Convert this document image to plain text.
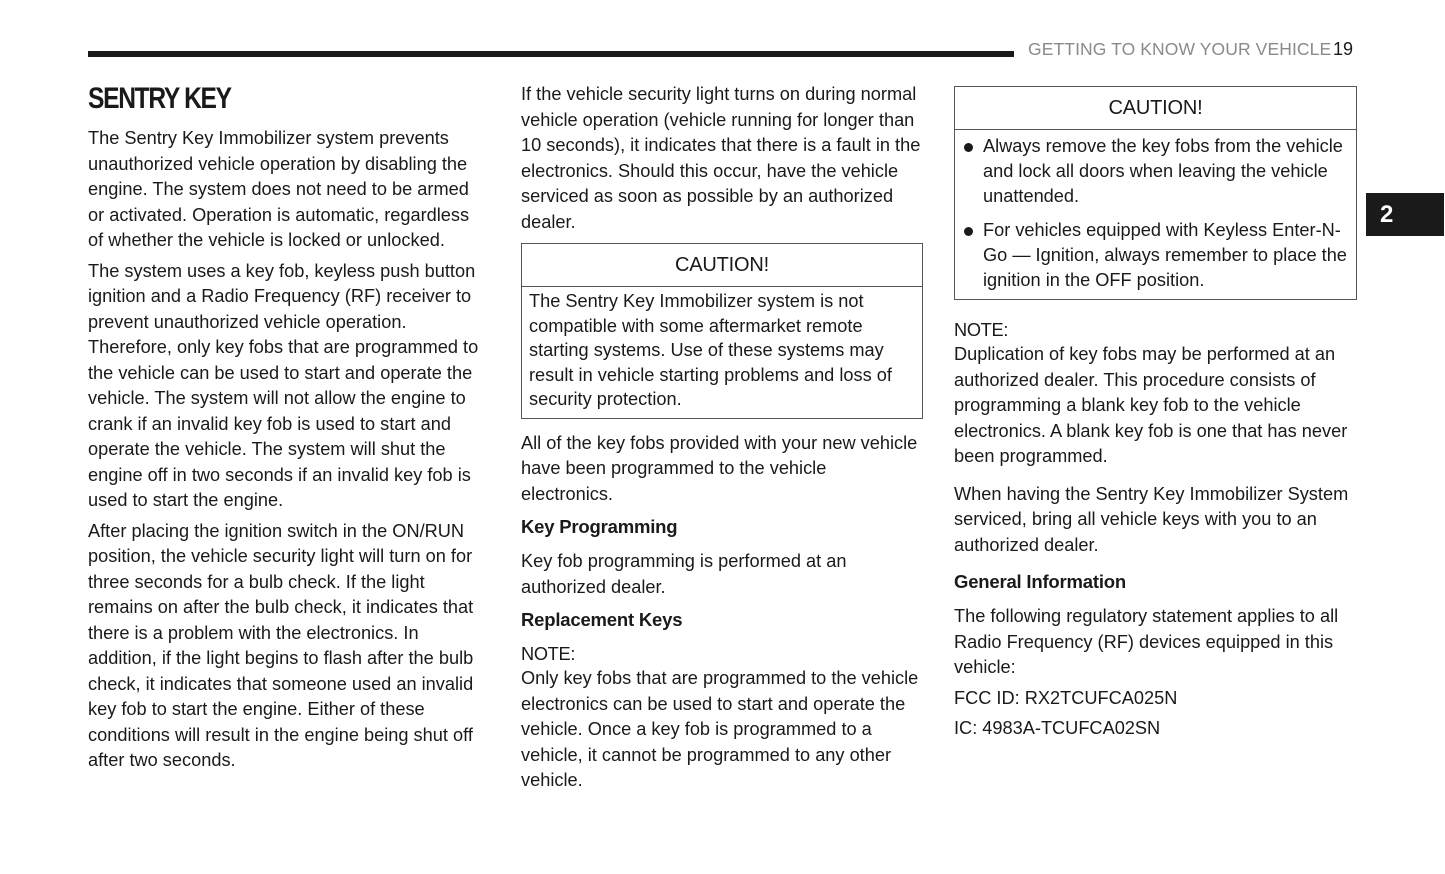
GETTING TO KNOW YOUR VEHICLE 19
2
SENTRY KEY

The Sentry Key Immobilizer system prevents unauthorized vehicle operation by disabling the engine. The system does not need to be armed or activated. Operation is automatic, regardless of whether the vehicle is locked or unlocked.

The system uses a key fob, keyless push button ignition and a Radio Frequency (RF) receiver to prevent unauthorized vehicle operation. Therefore, only key fobs that are programmed to the vehicle can be used to start and operate the vehicle. The system will not allow the engine to crank if an invalid key fob is used to start and operate the vehicle. The system will shut the engine off in two seconds if an invalid key fob is used to start the engine.

After placing the ignition switch in the ON/RUN position, the vehicle security light will turn on for three seconds for a bulb check. If the light remains on after the bulb check, it indicates that there is a problem with the electronics. In addition, if the light begins to flash after the bulb check, it indicates that someone used an invalid key fob to start the engine. Either of these conditions will result in the engine being shut off after two seconds.

If the vehicle security light turns on during normal vehicle operation (vehicle running for longer than 10 seconds), it indicates that there is a fault in the electronics. Should this occur, have the vehicle serviced as soon as possible by an authorized dealer.

CAUTION!
The Sentry Key Immobilizer system is not compatible with some aftermarket remote starting systems. Use of these systems may result in vehicle starting problems and loss of security protection.

All of the key fobs provided with your new vehicle have been programmed to the vehicle electronics.

Key Programming

Key fob programming is performed at an authorized dealer.

Replacement Keys
NOTE:

Only key fobs that are programmed to the vehicle electronics can be used to start and operate the vehicle. Once a key fob is programmed to a vehicle, it cannot be programmed to any other vehicle.

CAUTION!
Always remove the key fobs from the vehicle and lock all doors when leaving the vehicle unattended.
For vehicles equipped with Keyless Enter-N-Go — Ignition, always remember to place the ignition in the OFF position.
NOTE:

Duplication of key fobs may be performed at an authorized dealer. This procedure consists of programming a blank key fob to the vehicle electronics. A blank key fob is one that has never been programmed.

When having the Sentry Key Immobilizer System serviced, bring all vehicle keys with you to an authorized dealer.

General Information

The following regulatory statement applies to all Radio Frequency (RF) devices equipped in this vehicle:

FCC ID: RX2TCUFCA025N

IC: 4983A-TCUFCA02SN
